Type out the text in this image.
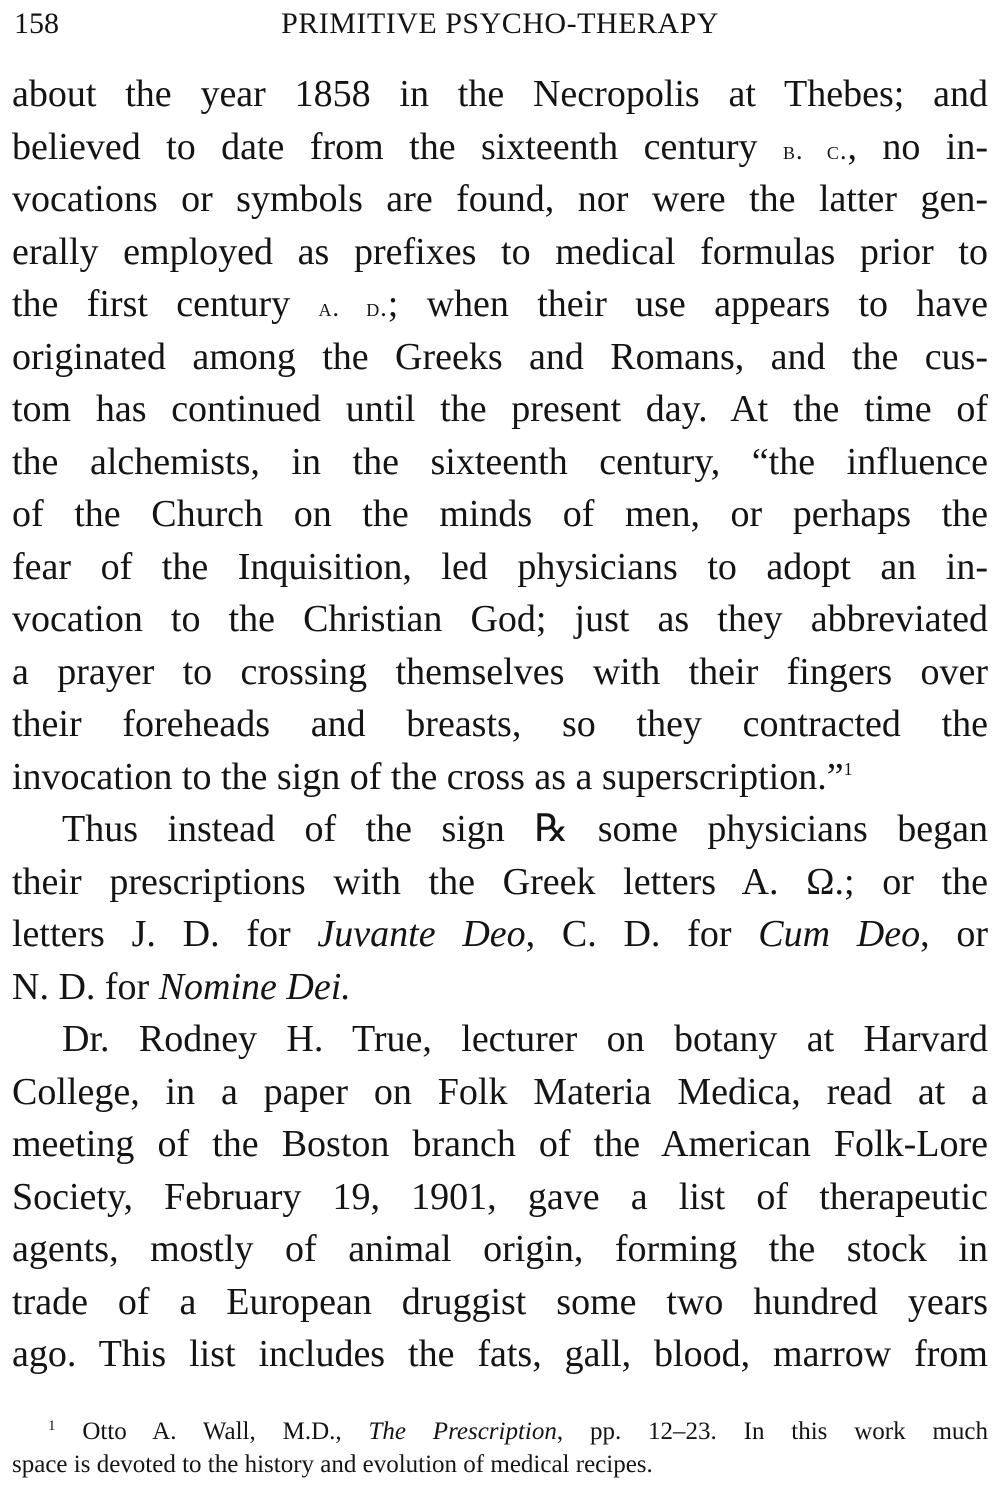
158	PRIMITIVE PSYCHO-THERAPY
about the year 1858 in the Necropolis at Thebes; and
believed to date from the sixteenth century b. c., no in-
vocations or symbols are found, nor were the latter gen-
erally employed as prefixes to medical formulas prior to
the first century a. d.; when their use appears to have
originated among the Greeks and Romans, and the cus-
tom has continued until the present day. At the time of
the alchemists, in the sixteenth century, “the influence
of the Church on the minds of men, or perhaps the
fear of the Inquisition, led physicians to adopt an in-
vocation to the Christian God; just as they abbreviated
a prayer to crossing themselves with their fingers over
their foreheads and breasts, so they contracted the
invocation to the sign of the cross as a superscription.”$^1$
Thus instead of the sign ℞ some physicians began
their prescriptions with the Greek letters A. Ω.; or the
letters J. D. for Juvante Deo, C. D. for Cum Deo, or
N. D. for Nomine Dei.
Dr. Rodney H. True, lecturer on botany at Harvard
College, in a paper on Folk Materia Medica, read at a
meeting of the Boston branch of the American Folk-Lore
Society, February 19, 1901, gave a list of therapeutic
agents, mostly of animal origin, forming the stock in
trade of a European druggist some two hundred years
ago. This list includes the fats, gall, blood, marrow from
$^1$ Otto A. Wall, M.D., The Prescription, pp. 12–23. In this work much
space is devoted to the history and evolution of medical recipes.
